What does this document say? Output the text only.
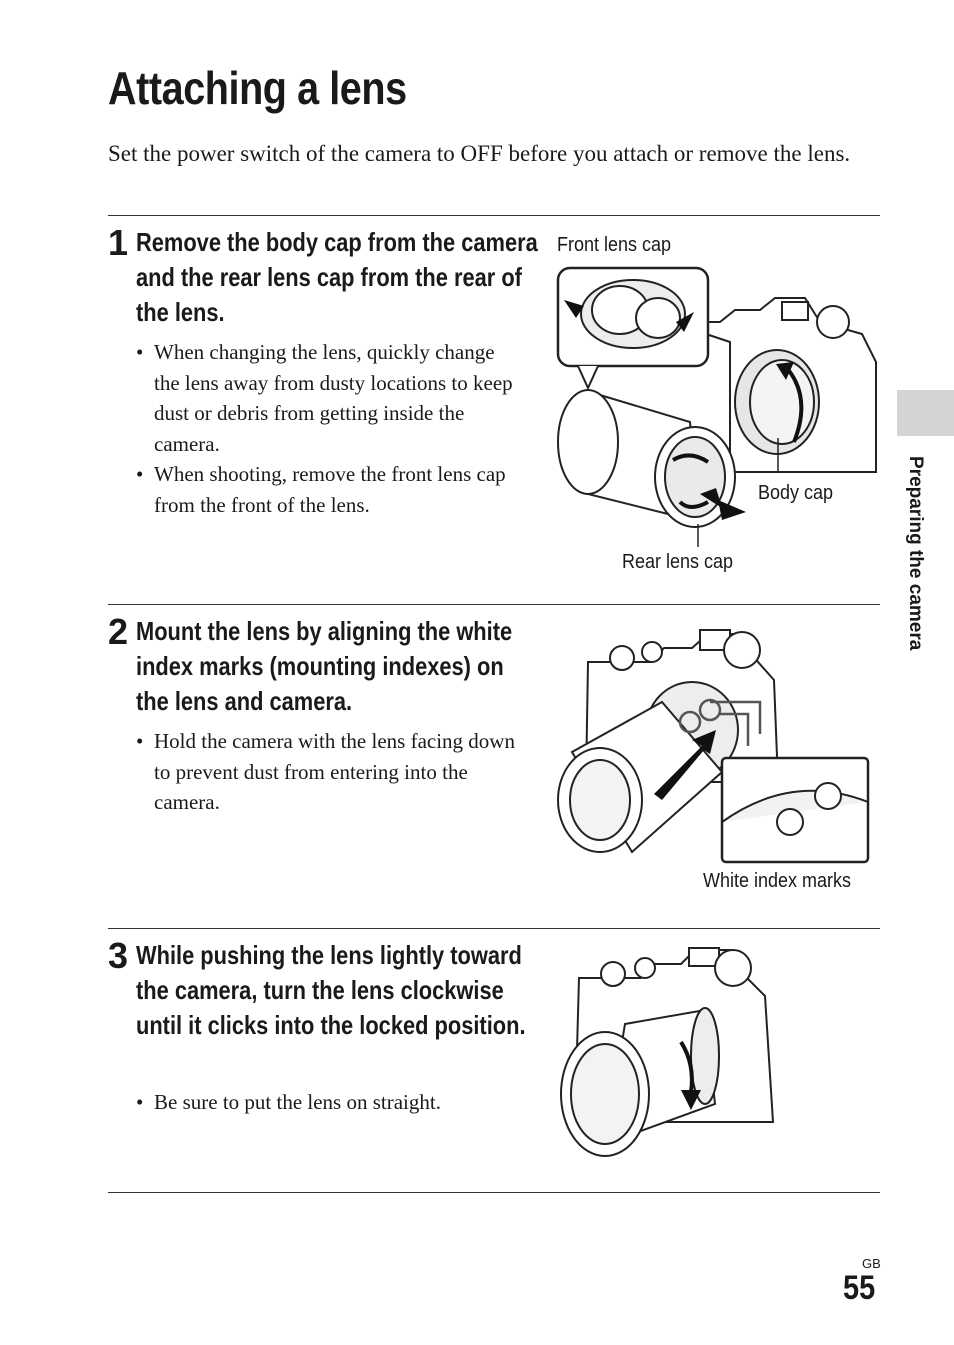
Attaching a lens
Set the power switch of the camera to OFF before you attach or remove the lens.
1 Remove the body cap from the camera and the rear lens cap from the rear of the lens.
• When changing the lens, quickly change the lens away from dusty locations to keep dust or debris from getting inside the camera.
• When shooting, remove the front lens cap from the front of the lens.
Front lens cap
Body cap
Rear lens cap
2 Mount the lens by aligning the white index marks (mounting indexes) on the lens and camera.
• Hold the camera with the lens facing down to prevent dust from entering into the camera.
White index marks
3 While pushing the lens lightly toward the camera, turn the lens clockwise until it clicks into the locked position.
• Be sure to put the lens on straight.
Preparing the camera
GB
55
